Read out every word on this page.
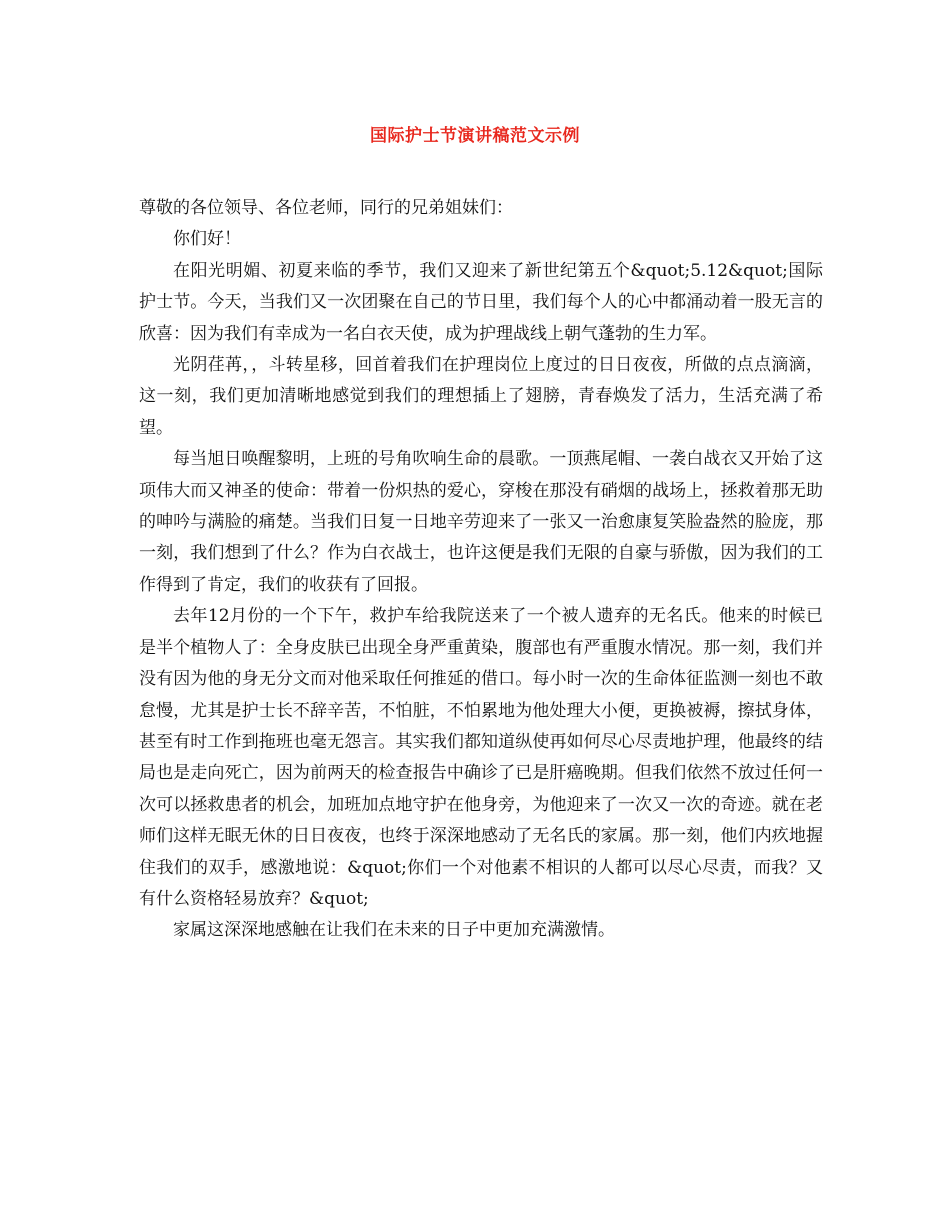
国际护士节演讲稿范文示例

尊敬的各位领导、各位老师，同行的兄弟姐妹们：

你们好！

在阳光明媚、初夏来临的季节，我们又迎来了新世纪第五个&quot;5.12&quot;国际护士节。今天，当我们又一次团聚在自己的节日里，我们每个人的心中都涌动着一股无言的欣喜：因为我们有幸成为一名白衣天使，成为护理战线上朝气蓬勃的生力军。

光阴荏苒，，斗转星移，回首着我们在护理岗位上度过的日日夜夜，所做的点点滴滴，这一刻，我们更加清晰地感觉到我们的理想插上了翅膀，青春焕发了活力，生活充满了希望。

每当旭日唤醒黎明，上班的号角吹响生命的晨歌。一顶燕尾帽、一袭白战衣又开始了这项伟大而又神圣的使命：带着一份炽热的爱心，穿梭在那没有硝烟的战场上，拯救着那无助的呻吟与满脸的痛楚。当我们日复一日地辛劳迎来了一张又一治愈康复笑脸盎然的脸庞，那一刻，我们想到了什么？作为白衣战士，也许这便是我们无限的自豪与骄傲，因为我们的工作得到了肯定，我们的收获有了回报。

去年12月份的一个下午，救护车给我院送来了一个被人遗弃的无名氏。他来的时候已是半个植物人了：全身皮肤已出现全身严重黄染，腹部也有严重腹水情况。那一刻，我们并没有因为他的身无分文而对他采取任何推延的借口。每小时一次的生命体征监测一刻也不敢怠慢，尤其是护士长不辞辛苦，不怕脏，不怕累地为他处理大小便，更换被褥，擦拭身体，甚至有时工作到拖班也毫无怨言。其实我们都知道纵使再如何尽心尽责地护理，他最终的结局也是走向死亡，因为前两天的检查报告中确诊了已是肝癌晚期。但我们依然不放过任何一次可以拯救患者的机会，加班加点地守护在他身旁，为他迎来了一次又一次的奇迹。就在老师们这样无眠无休的日日夜夜，也终于深深地感动了无名氏的家属。那一刻，他们内疚地握住我们的双手，感激地说：&quot;你们一个对他素不相识的人都可以尽心尽责，而我？又有什么资格轻易放弃？&quot;

家属这深深地感触在让我们在未来的日子中更加充满激情。
